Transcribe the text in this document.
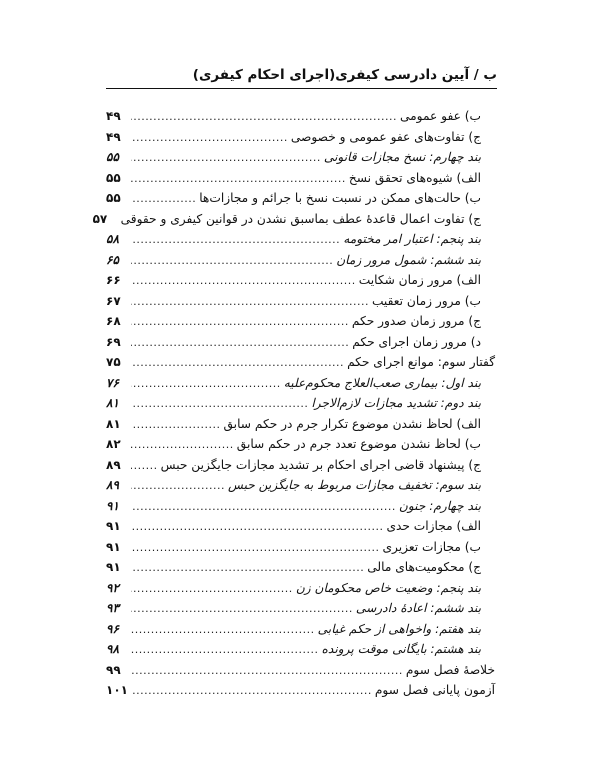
ب / آیین دادرسی کیفری(اجرای احکام کیفری)
ب) عفو عمومی
.....
۴۹
ج) تفاوت‌های عفو عمومی و خصوصی
.....
۴۹
بند چهارم: نسخ مجازات قانونی
.....
۵۵
الف) شیوه‌های تحقق نسخ
.....
۵۵
ب) حالت‌های ممکن در نسبت نسخ با جرائم و مجازات‌ها
.....
۵۵
ج) تفاوت اعمال قاعدۀ عطف بماسبق نشدن در قوانین کیفری و حقوقی
۵۷
بند پنجم: اعتبار امر مختومه
.....
۵۸
بند ششم: شمول مرور زمان
.....
۶۵
الف) مرور زمان شکایت
.....
۶۶
ب) مرور زمان تعقیب
.....
۶۷
ج) مرور زمان صدور حکم
.....
۶۸
د) مرور زمان اجرای حکم
.....
۶۹
گفتار سوم: موانع اجرای حکم
.....
۷۵
بند اول: بیماری صعب‌العلاج محکوم‌علیه
.....
۷۶
بند دوم: تشدید مجازات لازم‌الاجرا
.....
۸۱
الف) لحاظ نشدن موضوع تکرار جرم در حکم سابق
.....
۸۱
ب) لحاظ نشدن موضوع تعدد جرم در حکم سابق
.....
۸۲
ج) پیشنهاد قاضی اجرای احکام بر تشدید مجازات جایگزین حبس
.....
۸۹
بند سوم: تخفیف مجازات مربوط به جایگزین حبس
.....
۸۹
بند چهارم: جنون
.....
۹۱
الف) مجازات حدی
.....
۹۱
ب) مجازات تعزیری
.....
۹۱
ج) محکومیت‌های مالی
.....
۹۱
بند پنجم: وضعیت خاص محکومان زن
.....
۹۲
بند ششم: اعادۀ دادرسی
.....
۹۳
بند هفتم: واخواهی از حکم غیابی
.....
۹۶
بند هشتم: بایگانی موقت پرونده
.....
۹۸
خلاصۀ فصل سوم
.....
۹۹
آزمون پایانی فصل سوم
.....
۱۰۱
